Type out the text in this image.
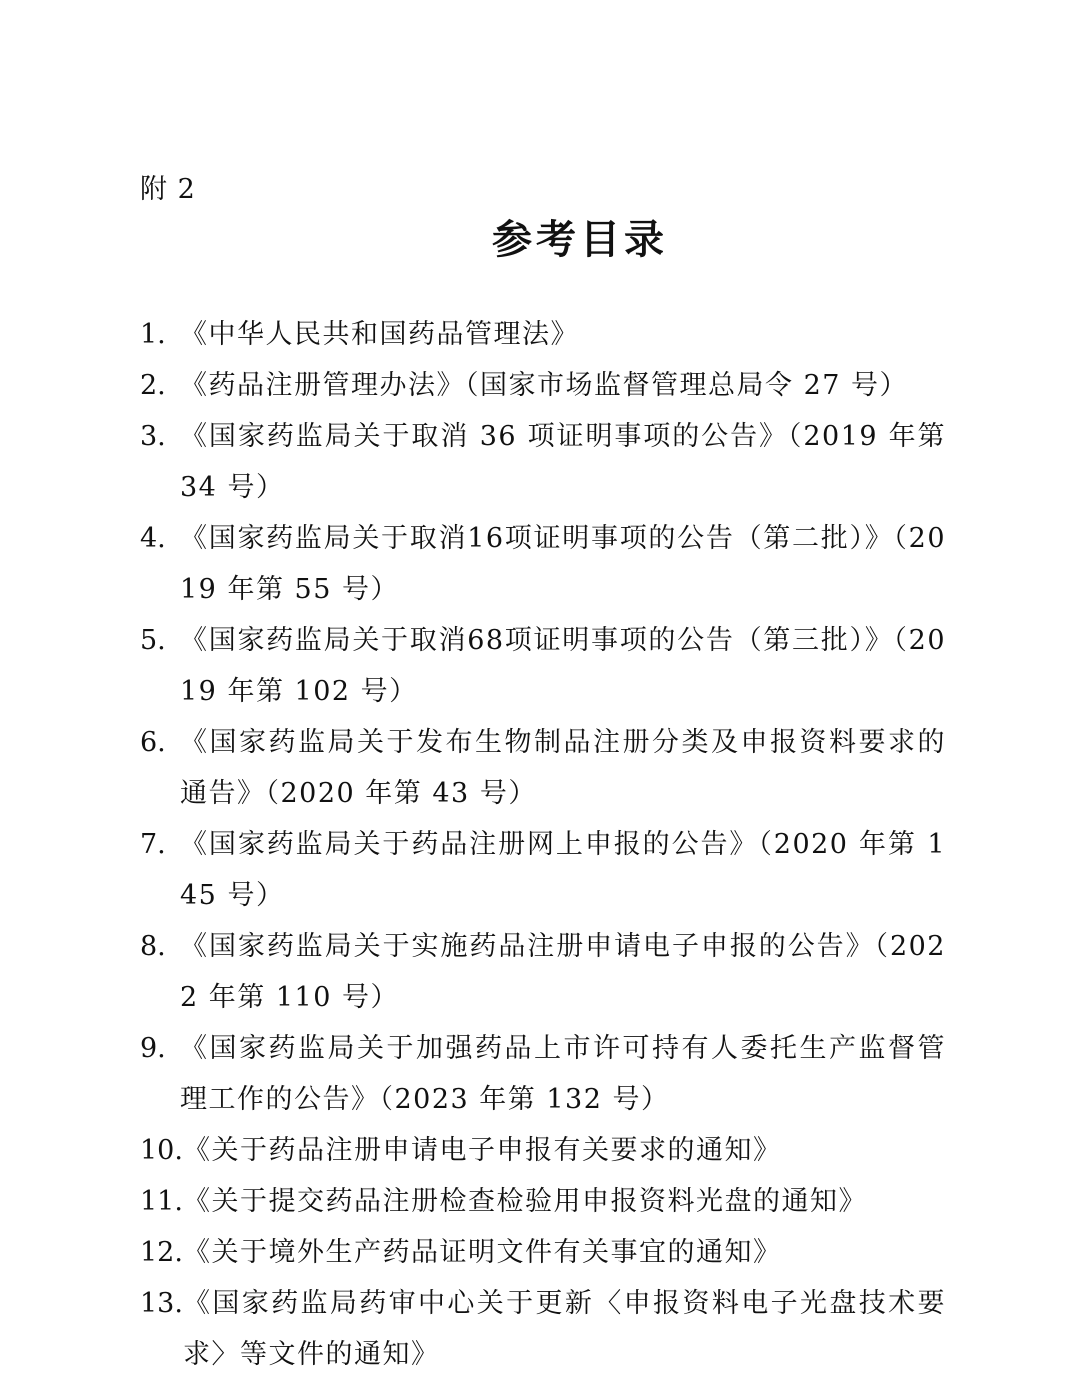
附 2
参考目录
1. 《中华人民共和国药品管理法》
2. 《药品注册管理办法》（国家市场监督管理总局令 27 号）
3. 《国家药监局关于取消 36 项证明事项的公告》（2019 年第 34 号）
4. 《国家药监局关于取消16项证明事项的公告（第二批）》（2019 年第 55 号）
5. 《国家药监局关于取消68项证明事项的公告（第三批）》（2019 年第 102 号）
6. 《国家药监局关于发布生物制品注册分类及申报资料要求的通告》（2020 年第 43 号）
7. 《国家药监局关于药品注册网上申报的公告》（2020 年第 145 号）
8. 《国家药监局关于实施药品注册申请电子申报的公告》（2022 年第 110 号）
9. 《国家药监局关于加强药品上市许可持有人委托生产监督管理工作的公告》（2023 年第 132 号）
10. 《关于药品注册申请电子申报有关要求的通知》
11. 《关于提交药品注册检查检验用申报资料光盘的通知》
12. 《关于境外生产药品证明文件有关事宜的通知》
13. 《国家药监局药审中心关于更新〈申报资料电子光盘技术要求〉等文件的通知》
